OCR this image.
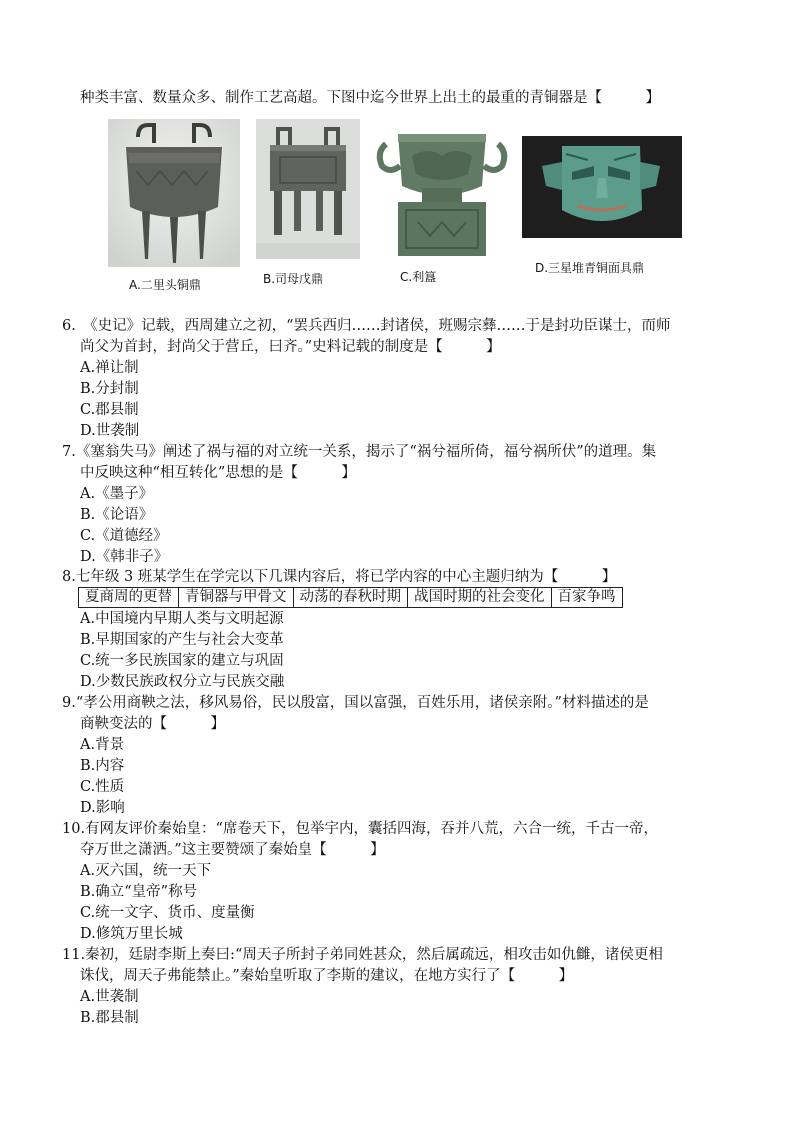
种类丰富、数量众多、制作工艺高超。下图中迄今世界上出土的最重的青铜器是【　　　】
A.二里头铜鼎	B.司母戊鼎	C.利簋
D.三星堆青铜面具鼎
6.　《史记》记载，西周建立之初，“罢兵西归……封诸侯，班赐宗彝……于是封功臣谋士，而师
尚父为首封，封尚父于营丘，曰齐。”史料记载的制度是【　　　】
A.禅让制
B.分封制
C.郡县制
D.世袭制
7.《塞翁失马》阐述了祸与福的对立统一关系，揭示了“祸兮福所倚，福兮祸所伏”的道理。集
中反映这种“相互转化”思想的是【　　　】
A.《墨子》
B.《论语》
C.《道德经》
D.《韩非子》
8.七年级 3 班某学生在学完以下几课内容后，将已学内容的中心主题归纳为【　　　】
夏商周的更替	青铜器与甲骨文	动荡的春秋时期	战国时期的社会变化	百家争鸣
A.中国境内早期人类与文明起源
B.早期国家的产生与社会大变革
C.统一多民族国家的建立与巩固
D.少数民族政权分立与民族交融
9.“孝公用商鞅之法，移风易俗，民以殷富，国以富强，百姓乐用，诸侯亲附。”材料描述的是
商鞅变法的【　　　】
A.背景
B.内容
C.性质
D.影响
10.有网友评价秦始皇：“席卷天下，包举宇内，囊括四海，吞并八荒，六合一统，千古一帝，
夺万世之潇洒。”这主要赞颂了秦始皇【　　　】
A.灭六国，统一天下
B.确立“皇帝”称号
C.统一文字、货币、度量衡
D.修筑万里长城
11.秦初，廷尉李斯上奏曰:“周天子所封子弟同姓甚众，然后属疏远，相攻击如仇雠，诸侯更相
诛伐，周天子弗能禁止。”秦始皇听取了李斯的建议，在地方实行了【　　　】
A.世袭制
B.郡县制
